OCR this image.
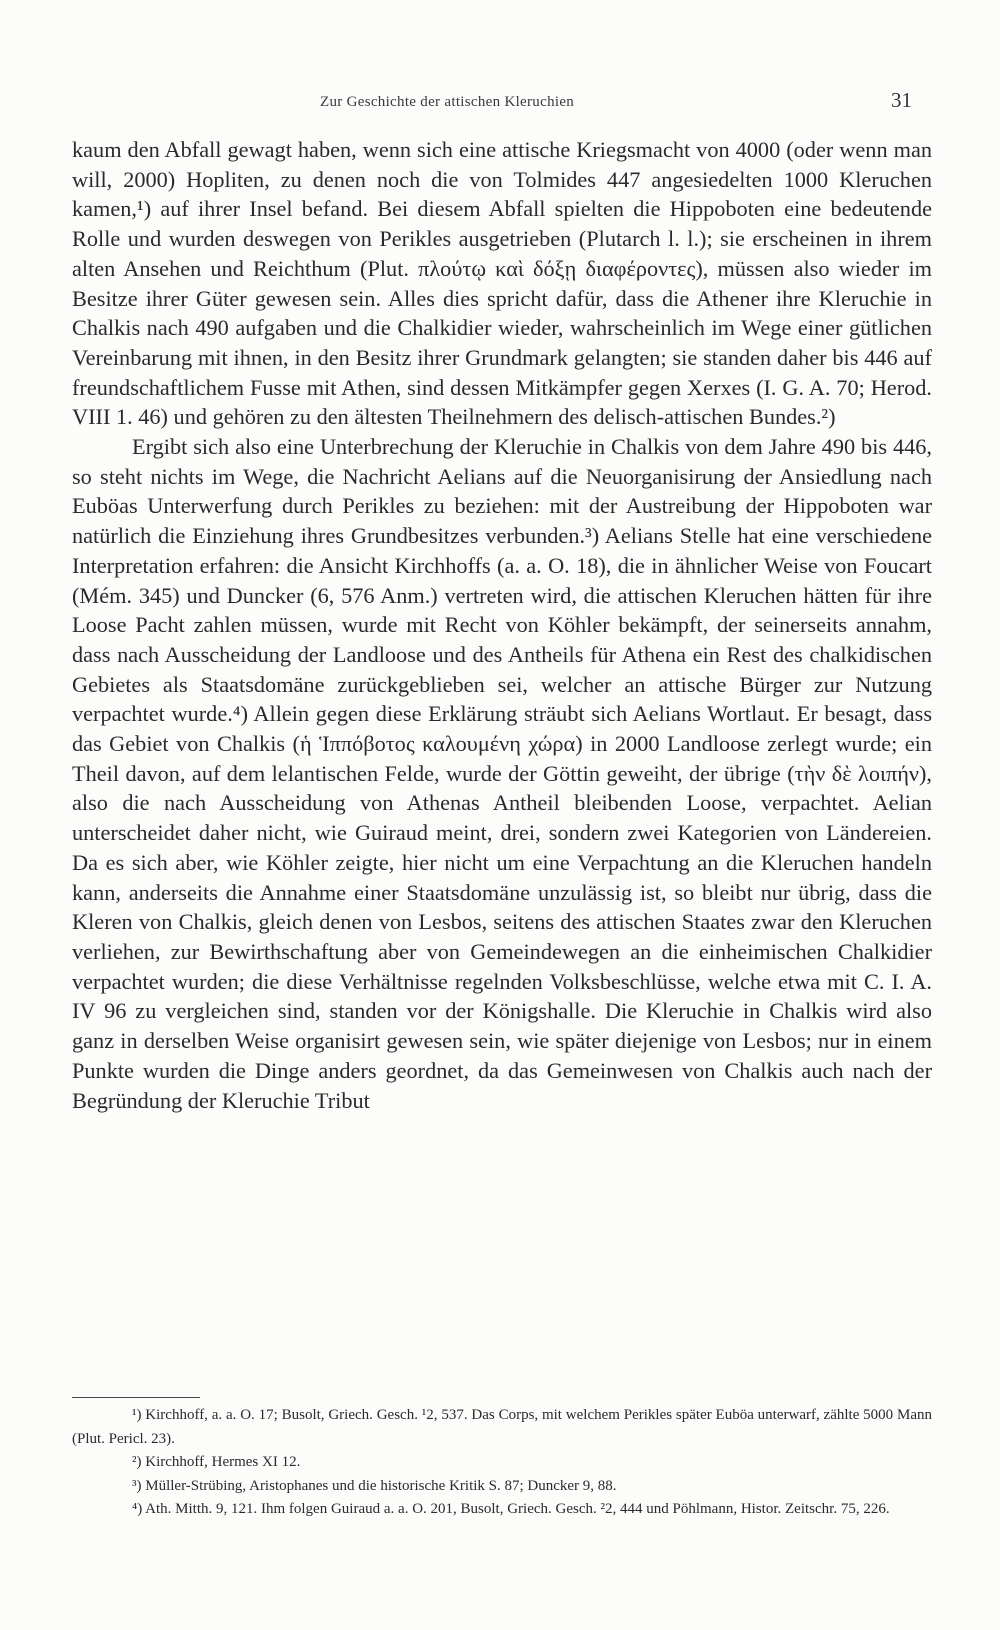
Zur Geschichte der attischen Kleruchien	31

kaum den Abfall gewagt haben, wenn sich eine attische Kriegsmacht von 4000 (oder wenn man will, 2000) Hopliten, zu denen noch die von Tolmides 447 angesiedelten 1000 Kleruchen kamen,¹) auf ihrer Insel befand. Bei diesem Abfall spielten die Hippoboten eine bedeutende Rolle und wurden deswegen von Perikles ausgetrieben (Plutarch l. l.); sie erscheinen in ihrem alten Ansehen und Reichthum (Plut. πλούτῳ καὶ δόξῃ διαφέροντες), müssen also wieder im Besitze ihrer Güter gewesen sein. Alles dies spricht dafür, dass die Athener ihre Kleruchie in Chalkis nach 490 aufgaben und die Chalkidier wieder, wahrscheinlich im Wege einer gütlichen Vereinbarung mit ihnen, in den Besitz ihrer Grundmark gelangten; sie standen daher bis 446 auf freundschaftlichem Fusse mit Athen, sind dessen Mitkämpfer gegen Xerxes (I. G. A. 70; Herod. VIII 1. 46) und gehören zu den ältesten Theilnehmern des delisch-attischen Bundes.²)

Ergibt sich also eine Unterbrechung der Kleruchie in Chalkis von dem Jahre 490 bis 446, so steht nichts im Wege, die Nachricht Aelians auf die Neuorganisirung der Ansiedlung nach Euböas Unterwerfung durch Perikles zu beziehen: mit der Austreibung der Hippoboten war natürlich die Einziehung ihres Grundbesitzes verbunden.³) Aelians Stelle hat eine verschiedene Interpretation erfahren: die Ansicht Kirchhoffs (a. a. O. 18), die in ähnlicher Weise von Foucart (Mém. 345) und Duncker (6, 576 Anm.) vertreten wird, die attischen Kleruchen hätten für ihre Loose Pacht zahlen müssen, wurde mit Recht von Köhler bekämpft, der seinerseits annahm, dass nach Ausscheidung der Landloose und des Antheils für Athena ein Rest des chalkidischen Gebietes als Staatsdomäne zurückgeblieben sei, welcher an attische Bürger zur Nutzung verpachtet wurde.⁴) Allein gegen diese Erklärung sträubt sich Aelians Wortlaut. Er besagt, dass das Gebiet von Chalkis (ἡ Ἱππόβοτος καλουμένη χώρα) in 2000 Landloose zerlegt wurde; ein Theil davon, auf dem lelantischen Felde, wurde der Göttin geweiht, der übrige (τὴν δὲ λοιπήν), also die nach Ausscheidung von Athenas Antheil bleibenden Loose, verpachtet. Aelian unterscheidet daher nicht, wie Guiraud meint, drei, sondern zwei Kategorien von Ländereien. Da es sich aber, wie Köhler zeigte, hier nicht um eine Verpachtung an die Kleruchen handeln kann, anderseits die Annahme einer Staatsdomäne unzulässig ist, so bleibt nur übrig, dass die Kleren von Chalkis, gleich denen von Lesbos, seitens des attischen Staates zwar den Kleruchen verliehen, zur Bewirthschaftung aber von Gemeindewegen an die einheimischen Chalkidier verpachtet wurden; die diese Verhältnisse regelnden Volksbeschlüsse, welche etwa mit C. I. A. IV 96 zu vergleichen sind, standen vor der Königshalle. Die Kleruchie in Chalkis wird also ganz in derselben Weise organisirt gewesen sein, wie später diejenige von Lesbos; nur in einem Punkte wurden die Dinge anders geordnet, da das Gemeinwesen von Chalkis auch nach der Begründung der Kleruchie Tribut

¹) Kirchhoff, a. a. O. 17; Busolt, Griech. Gesch. ¹2, 537. Das Corps, mit welchem Perikles später Euböa unterwarf, zählte 5000 Mann (Plut. Pericl. 23).

²) Kirchhoff, Hermes XI 12.

³) Müller-Strübing, Aristophanes und die historische Kritik S. 87; Duncker 9, 88.

⁴) Ath. Mitth. 9, 121. Ihm folgen Guiraud a. a. O. 201, Busolt, Griech. Gesch. ²2, 444 und Pöhlmann, Histor. Zeitschr. 75, 226.
